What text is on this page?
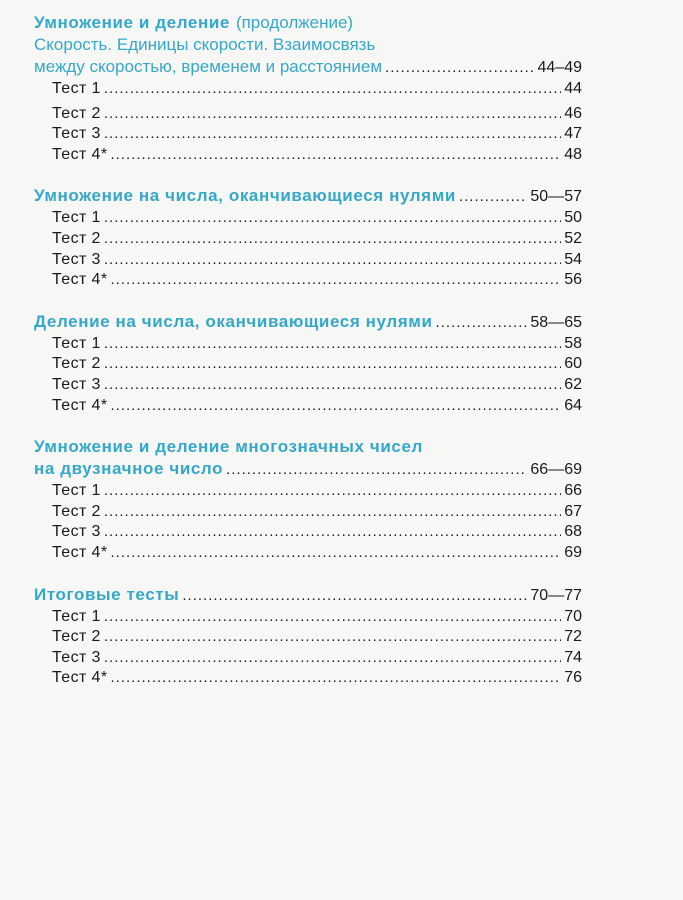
Умножение и деление (продолжение)
Скорость. Единицы скорости. Взаимосвязь
между скоростью, временем и расстоянием .....	44–49
Тест 1 .....	44
Тест 2 .....	46
Тест 3 .....	47
Тест 4* .....	48
Умножение на числа, оканчивающиеся нулями .....	50—57
Тест 1 .....	50
Тест 2 .....	52
Тест 3 .....	54
Тест 4* .....	56
Деление на числа, оканчивающиеся нулями .....	58—65
Тест 1 .....	58
Тест 2 .....	60
Тест 3 .....	62
Тест 4* .....	64
Умножение и деление многозначных чисел
на двузначное число .....	66—69
Тест 1 .....	66
Тест 2 .....	67
Тест 3 .....	68
Тест 4* .....	69
Итоговые тесты .....	70—77
Тест 1 .....	70
Тест 2 .....	72
Тест 3 .....	74
Тест 4* .....	76
